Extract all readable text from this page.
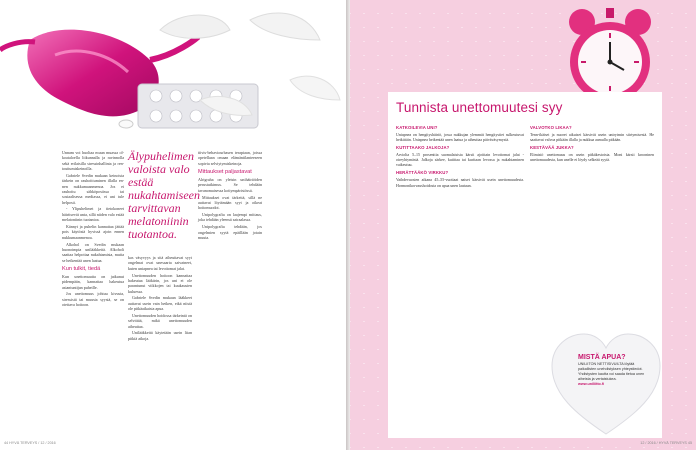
Unnam voi huoltaa muun muassa ol-koataloella liikunnalla ja ravinnolla sekä erilaisilla stressinhallinta ja ren-touttumiskeinoilla.

Gabriele Svedin mukaan keinoista tärkein on rauhoittuminen illalla en-nen nukkumaanmenoa. Jos ei rauhoitu sähköpostissa tai sosiaalisessa mediassa, ei uni tule helposti.

- Ylipuhelimet ja tietokoneet häiritsevät unta, sillä niiden valo estää melatoniinin tuotantoa.

Kännyt ja puhelin kannattaa jättää pois käytöstä hyvissä ajoin ennen nukkumaanmenoa.

Alkohol on Svedin mukaan huonoimpia unilääkkeitä. Alkoholi saattaa helpottaa nukahtamista, mutta se heikentää unen laatua.

Kun tulkit, tiedä

Kun unettomuutta on jatkunut pidempään, kannattaa hakeutua asiantuntijan puheille.

Jos unettomuus johtuu kivusta, stressistä tai muusta syystä, se on otettava hoitoon.

Älypuhelimen valoista valo estää nukahtamiseen tarvittavan melatoniinin tuotantoa.

kas väsyvyys ja sitä aiheuttavat syyt ongelmat ovat unesaarta saivatneet, kuten uniapnea tai levottomat jalat.

Unettomuuden hoitoon kannattaa hakeutua lääkärin, jos uni ei ole parantunut viikkojen tai kuukausien kuluessa.

Gabriele Svedin mukaan lääkkeet auttavat usein vain hetken, eikä niistä ole pitkäaikaista apua.

Unettomuuden hoidossa tärkeintä on selvittää, mikä unettomuuden aiheuttaa.

Unilääkkeitä käytetään usein liian pitkiä aikoja.

tiivis-behaviourbasen terapiaan, joissa opetellaan omaan elämäntilanteeseen sopivia selviytymiskeinoja.

Mittaukset paljastavat

Alrigraha on yleisin unihäiriöiden perustutkimus. Se tehdään tavanomaisessa kotiympäristössä.

Mittaukset ovat tärkeitä, sillä ne auttavat löytämään syyt ja oikeat hoitomuodot.

Unipolygrafia on laajempi mittaus, joka tehdään yleensä sairaalassa.

Unipolygrafia tehdään, jos ongelmien syytä epäillään jotain muuta.

44 HYVÄ TERVEYS / 12 / 2016
Tunnista unettomuutesi syy
KATKOILEVIA UNI?

Uniapnea on hengityshäiriö, jossa nukkujan ylemmät hengitystiet sulkeutuvat hetkittäin. Uniapnea heikentää unen laatua ja aiheuttaa päiväväsymystä.

KUTITTAAKO JALKOJA?

Arviolta 5–15 prosenttia suomalaisista kärsii ajoittain levottomat jalat -oireyhtymästä. Jalkoja särkee, kutittaa tai kuritaan levossa ja nukahtaminen vaikeutuu.

HERÄTTÄÄKÖ VIRKKU?

Vaihdevuosien aikana 45–55-vuotiaat naiset kärsivät usein unettomuudesta. Hormonikorvaushoidosta on apua unen laatuun.

VALVOTKO LIKAA?

Tenn-ikäiset ja nuoret aikuiset kärsivät usein unirytmin siirtymisestä. He saattavat valvoa pitkään illalla ja nukkua aamulla pitkään.

KESTÄVÄÄ JUKKA?

Elimistö unettomuus on usein pitkäkestoista. Moni kärsii krooninen unettomuudesta, kun unelle ei löydy selkeää syytä.

MISTÄ APUA?
UNILIITON NETTISIVUILTA löytää paikallisten unehdistyksen yhteystiedot. Yhdistysten kautta voi saada tietoa unen aiheista ja vertaistukea.
www.uniliitto.fi
12 / 2016 / HYVÄ TERVEYS 45
